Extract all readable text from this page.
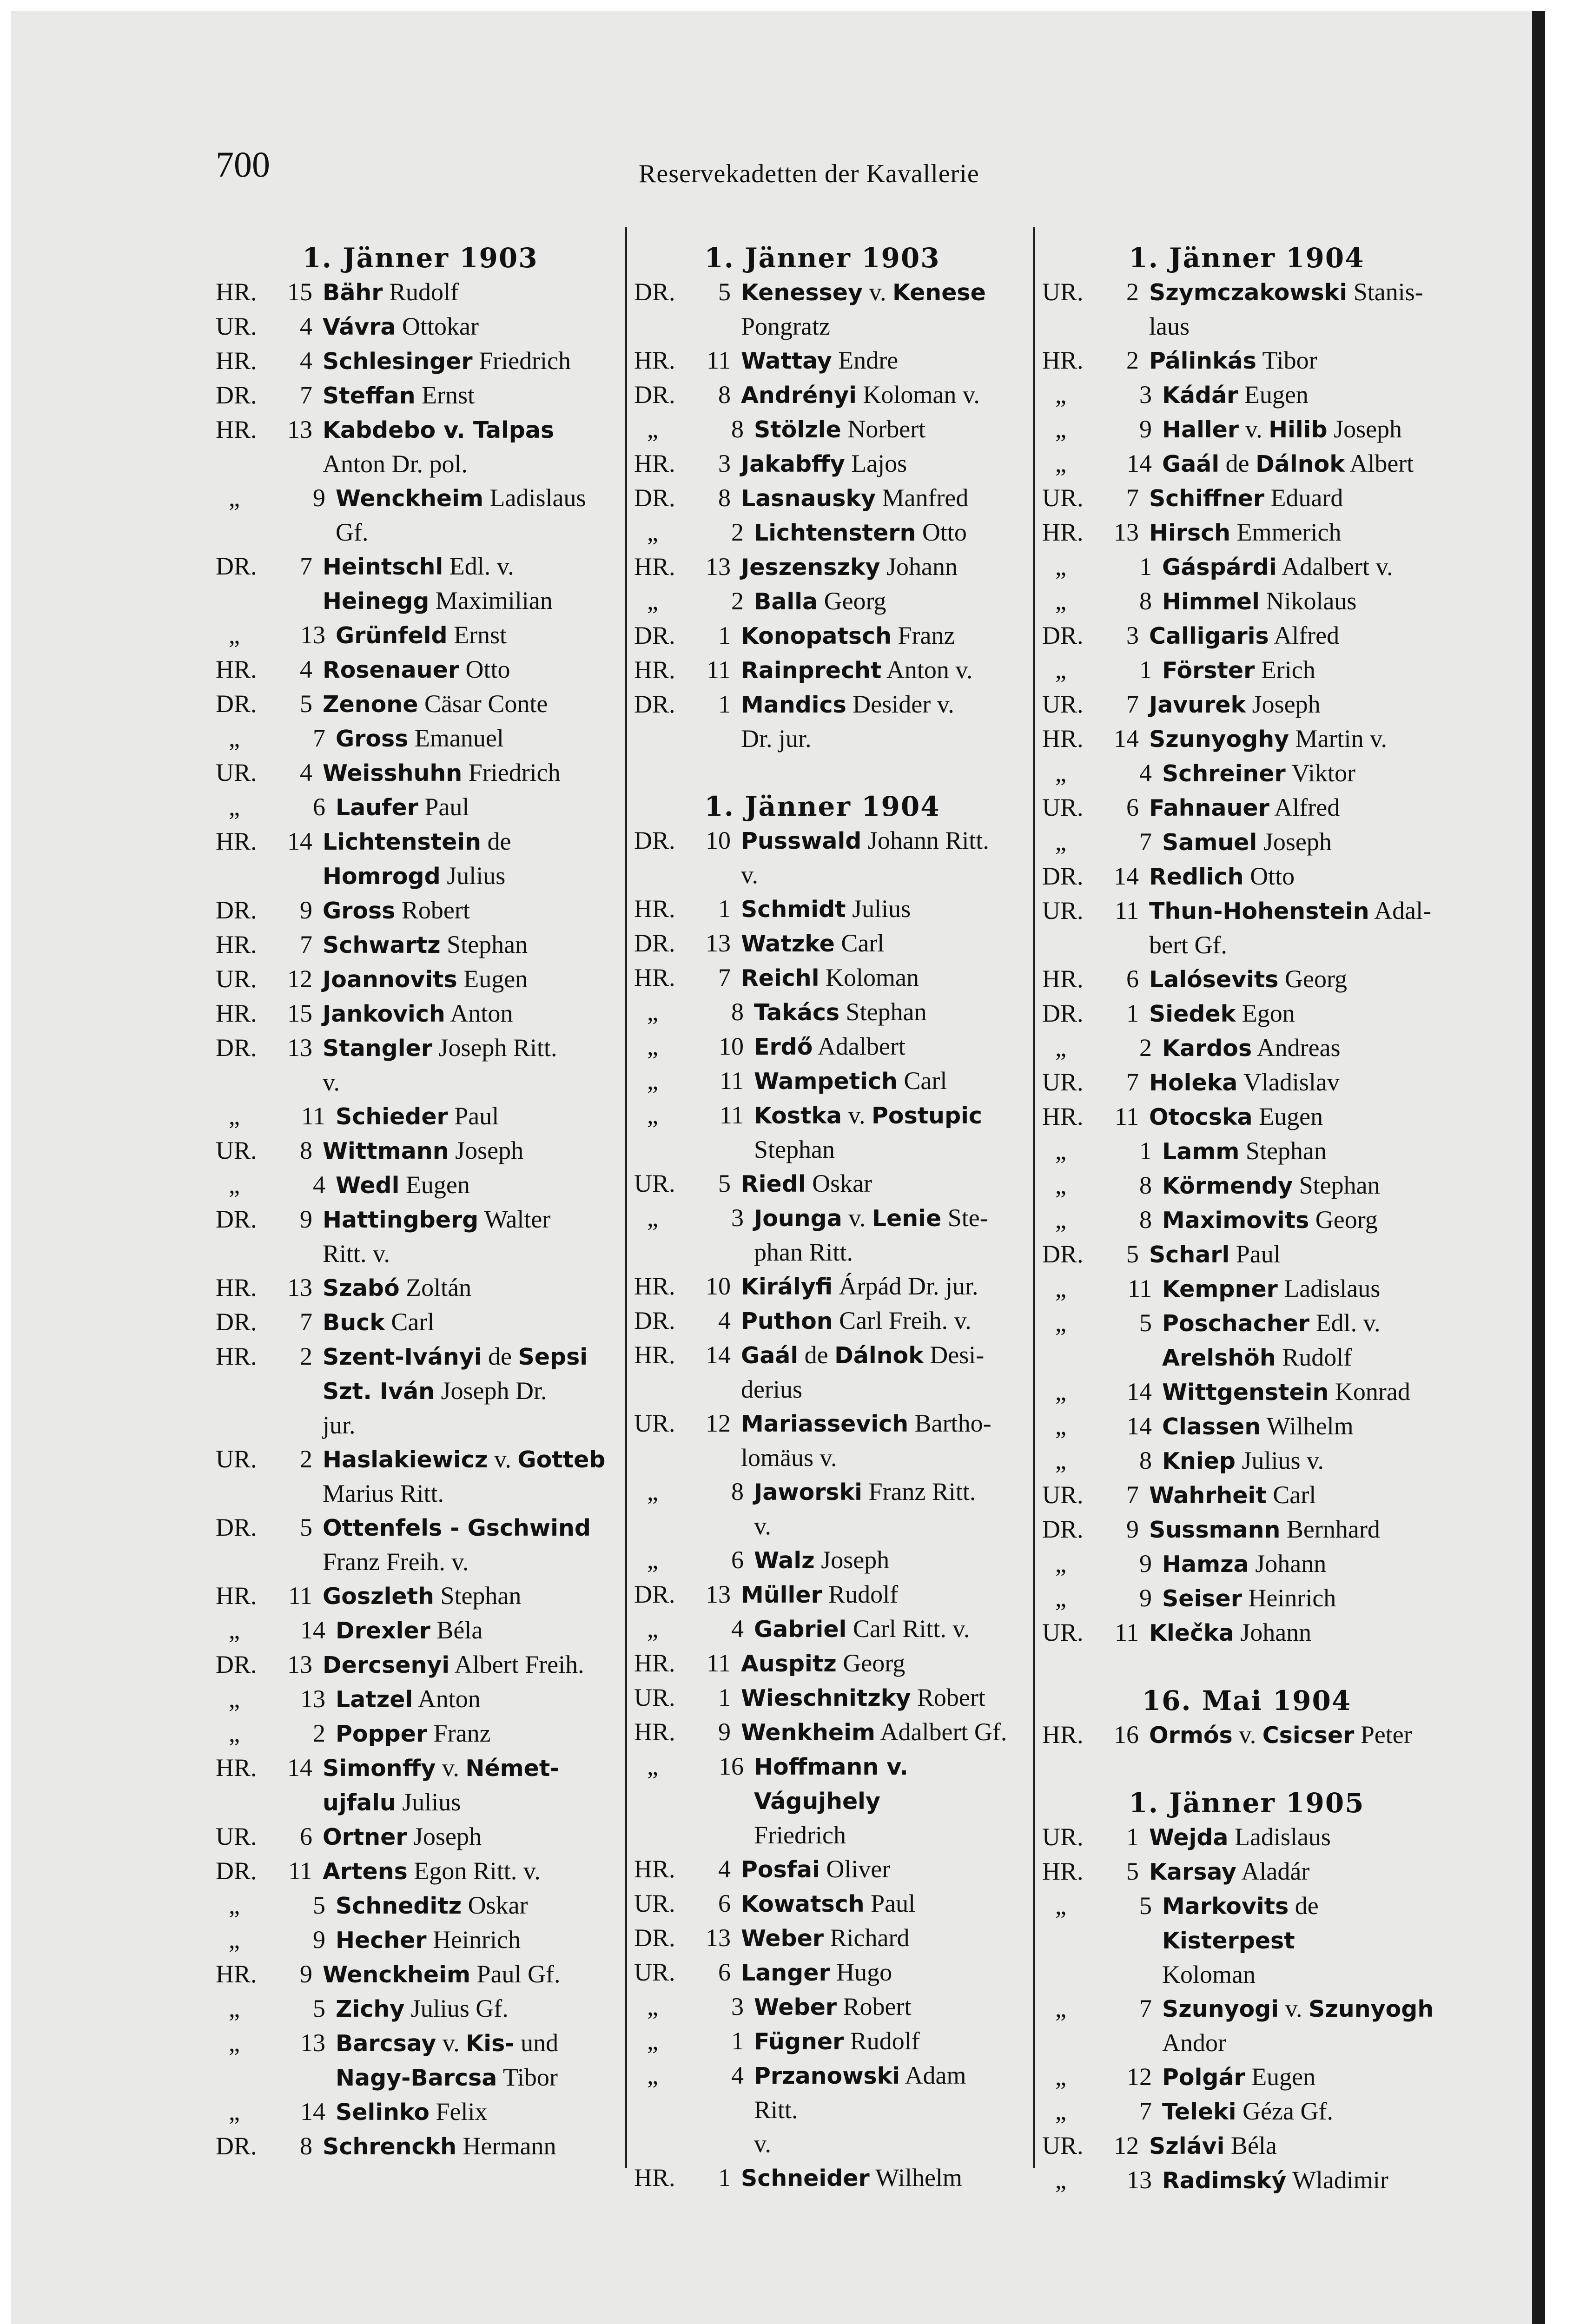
700	Reservekadetten der Kavallerie
1. Jänner 1903
HR.	15 Bähr Rudolf
UR.	4 Vávra Ottokar
HR.	4 Schlesinger Friedrich
DR.	7 Steffan Ernst
HR.	13 Kabdebo v. Talpas
Anton Dr. pol.
„	9 Wenckheim Ladislaus
Gf.
DR.	7 Heintschl Edl. v. Heinegg Maximilian
„	13 Grünfeld Ernst
HR.	4 Rosenauer Otto
DR.	5 Zenone Cäsar Conte
„	7 Gross Emanuel
UR.	4 Weisshuhn Friedrich
„	6 Laufer Paul
HR.	14 Lichtenstein de Homrogd Julius
DR.	9 Gross Robert
HR.	7 Schwartz Stephan
UR.	12 Joannovits Eugen
HR.	15 Jankovich Anton
DR.	13 Stangler Joseph Ritt.
v.
„	11 Schieder Paul
UR.	8 Wittmann Joseph
„	4 Wedl Eugen
DR.	9 Hattingberg Walter
Ritt. v.
HR.	13 Szabó Zoltán
DR.	7 Buck Carl
HR.	2 Szent-Iványi de Sepsi Szt. Iván Joseph Dr.
jur.
UR.	2 Haslakiewicz v. Gotteb Marius Ritt.
DR.	5 Ottenfels - Gschwind
Franz Freih. v.
HR.	11 Goszleth Stephan
„	14 Drexler Béla
DR.	13 Dercsenyi Albert Freih.
„	13 Latzel Anton
„	2 Popper Franz
HR.	14 Simonffy v. Német-ujfalu Julius
UR.	6 Ortner Joseph
DR.	11 Artens Egon Ritt. v.
„	5 Schneditz Oskar
„	9 Hecher Heinrich
HR.	9 Wenckheim Paul Gf.
„	5 Zichy Julius Gf.
„	13 Barcsay v. Kis- und Nagy-Barcsa Tibor
„	14 Selinko Felix
DR.	8 Schrenckh Hermann
1. Jänner 1903
DR.	5 Kenessey v. Kenese
Pongratz
HR.	11 Wattay Endre
DR.	8 Andrényi Koloman v.
„	8 Stölzle Norbert
HR.	3 Jakabffy Lajos
DR.	8 Lasnausky Manfred
„	2 Lichtenstern Otto
HR.	13 Jeszenszky Johann
„	2 Balla Georg
DR.	1 Konopatsch Franz
HR.	11 Rainprecht Anton v.
DR.	1 Mandics Desider v.
Dr. jur.
1. Jänner 1904
DR.	10 Pusswald Johann Ritt.
v.
HR.	1 Schmidt Julius
DR.	13 Watzke Carl
HR.	7 Reichl Koloman
„	8 Takács Stephan
„	10 Erdő Adalbert
„	11 Wampetich Carl
„	11 Kostka v. Postupic
Stephan
UR.	5 Riedl Oskar
„	3 Jounga v. Lenie Ste-
phan Ritt.
HR.	10 Királyfi Árpád Dr. jur.
DR.	4 Puthon Carl Freih. v.
HR.	14 Gaál de Dálnok Desi-
derius
UR.	12 Mariassevich Bartho-
lomäus v.
„	8 Jaworski Franz Ritt.
v.
„	6 Walz Joseph
DR.	13 Müller Rudolf
„	4 Gabriel Carl Ritt. v.
HR.	11 Auspitz Georg
UR.	1 Wieschnitzky Robert
HR.	9 Wenkheim Adalbert Gf.
„	16 Hoffmann v. Vágujhely
Friedrich
HR.	4 Posfai Oliver
UR.	6 Kowatsch Paul
DR.	13 Weber Richard
UR.	6 Langer Hugo
„	3 Weber Robert
„	1 Fügner Rudolf
„	4 Przanowski Adam Ritt.
v.
HR.	1 Schneider Wilhelm
1. Jänner 1904
UR.	2 Szymczakowski Stanis-
laus
HR.	2 Pálinkás Tibor
„	3 Kádár Eugen
„	9 Haller v. Hilib Joseph
„	14 Gaál de Dálnok Albert
UR.	7 Schiffner Eduard
HR.	13 Hirsch Emmerich
„	1 Gáspárdi Adalbert v.
„	8 Himmel Nikolaus
DR.	3 Calligaris Alfred
„	1 Förster Erich
UR.	7 Javurek Joseph
HR.	14 Szunyoghy Martin v.
„	4 Schreiner Viktor
UR.	6 Fahnauer Alfred
„	7 Samuel Joseph
DR.	14 Redlich Otto
UR.	11 Thun-Hohenstein Adal-
bert Gf.
HR.	6 Lalósevits Georg
DR.	1 Siedek Egon
„	2 Kardos Andreas
UR.	7 Holeka Vladislav
HR.	11 Otocska Eugen
„	1 Lamm Stephan
„	8 Körmendy Stephan
„	8 Maximovits Georg
DR.	5 Scharl Paul
„	11 Kempner Ladislaus
„	5 Poschacher Edl. v.
Arelshöh Rudolf
„	14 Wittgenstein Konrad
„	14 Classen Wilhelm
„	8 Kniep Julius v.
UR.	7 Wahrheit Carl
DR.	9 Sussmann Bernhard
„	9 Hamza Johann
„	9 Seiser Heinrich
UR.	11 Klečka Johann
16. Mai 1904
HR.	16 Ormós v. Csicser Peter
1. Jänner 1905
UR.	1 Wejda Ladislaus
HR.	5 Karsay Aladár
„	5 Markovits de Kisterpest
Koloman
„	7 Szunyogi v. Szunyogh
Andor
„	12 Polgár Eugen
„	7 Teleki Géza Gf.
UR.	12 Szlávi Béla
„	13 Radimský Wladimir
